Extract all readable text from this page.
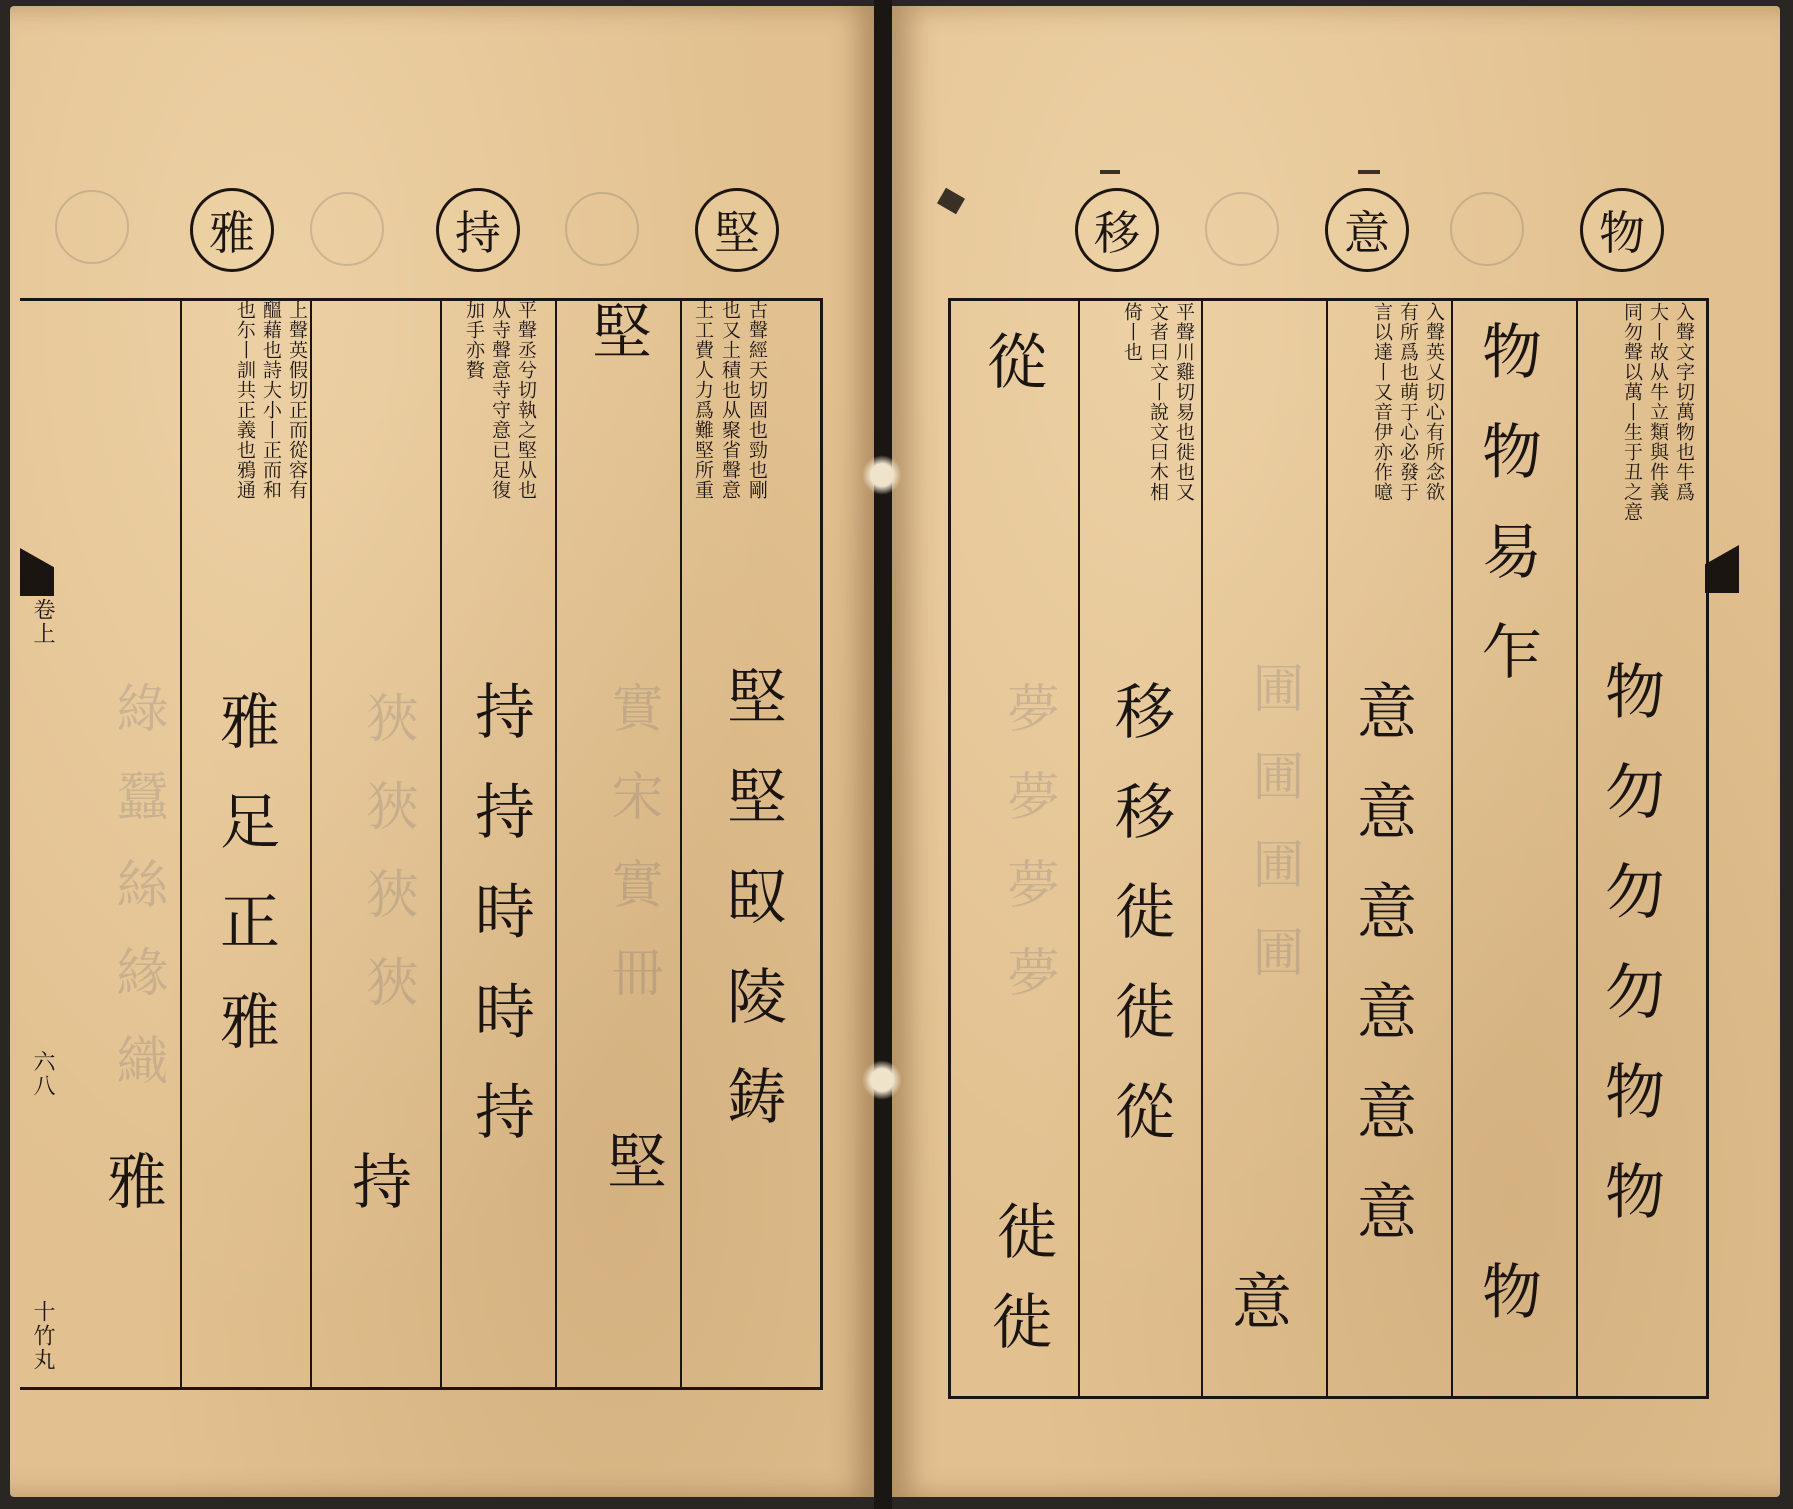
雅	持	堅
綠蠶絲緣織	狹狹狹狹	實宋實冊
古聲經天切固也勁也剛
也又土積也从聚省聲意
土工費人力爲難堅所重
堅
堅堅臤陵鋳
堅
平聲丞兮切執之堅从也
从寺聲意寺守意已足復
加手亦贅
持持時時持
持
上聲英假切正而從容有
醞藉也詩大小丨正而和
也尓丨訓共正義也鴉通
雅足正雅
雅
卷上
六八
十竹丸
移	意	物
夢夢夢夢	圃圃圃圃
入聲文字切萬物也牛爲
大丨故从牛立類與件義
同勿聲以萬丨生于丑之意
物勿勿勿物物
物
物物易乍
入聲英乂切心有所念欲
有所爲也萌于心必發于
言以達丨又音伊亦作噫
意意意意意意
意
平聲川雞切易也徙也又
文者曰文丨說文曰木相
倚丨也
移移徙徙從
從
徙
徙
